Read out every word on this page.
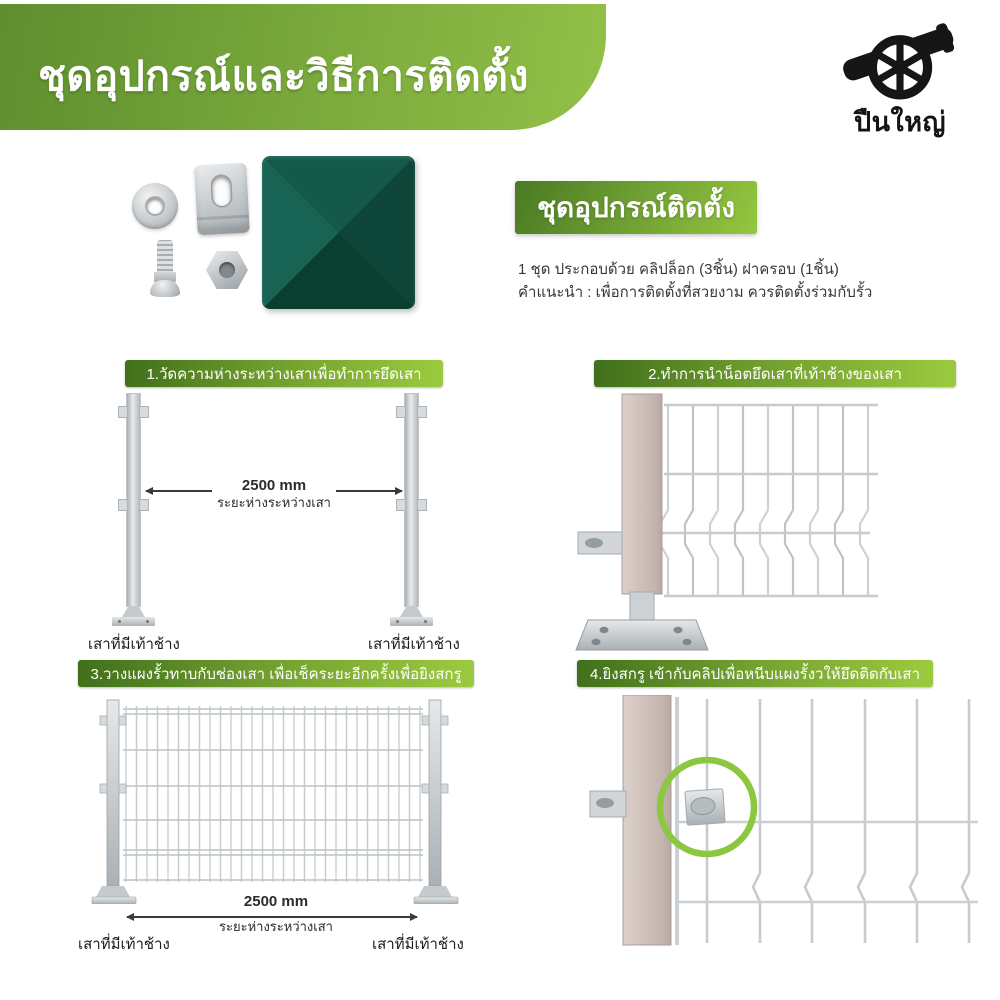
ชุดอุปกรณ์และวิธีการติดตั้ง
ปืนใหญ่
ชุดอุปกรณ์ติดตั้ง
1 ชุด ประกอบด้วย คลิปล็อก (3ชิ้น) ฝาครอบ (1ชิ้น)
คำแนะนำ : เพื่อการติดตั้งที่สวยงาม ควรติดตั้งร่วมกับรั้ว
1.วัดความห่างระหว่างเสาเพื่อทำการยึดเสา	2.ทำการนำน็อตยึดเสาที่เท้าช้างของเสา
3.วางแผงรั้วทาบกับช่องเสา เพื่อเช็คระยะอีกครั้งเพื่อยิงสกรู	4.ยิงสกรู เข้ากับคลิปเพื่อหนีบแผงรั้งวให้ยึดติดกับเสา
2500 mm
ระยะห่างระหว่างเสา
เสาที่มีเท้าช้าง	เสาที่มีเท้าช้าง
2500 mm
ระยะห่างระหว่างเสา
เสาที่มีเท้าช้าง	เสาที่มีเท้าช้าง
